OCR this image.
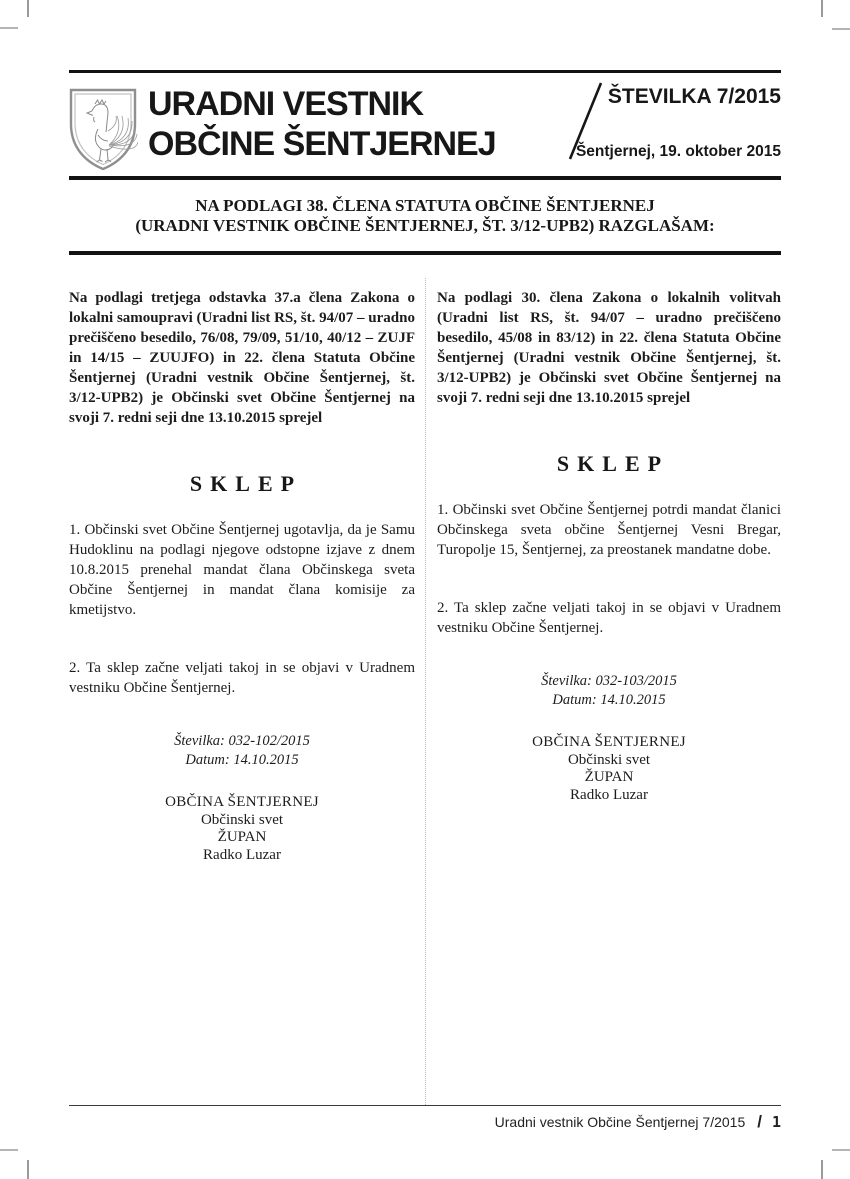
URADNI VESTNIK
OBČINE ŠENTJERNEJ
ŠTEVILKA 7/2015
Šentjernej, 19. oktober 2015
NA PODLAGI 38. ČLENA STATUTA OBČINE ŠENTJERNEJ
(URADNI VESTNIK OBČINE ŠENTJERNEJ, ŠT. 3/12-UPB2) RAZGLAŠAM:

Na podlagi tretjega odstavka 37.a člena Zakona o lokalni samoupravi (Uradni list RS, št. 94/07 – uradno prečiščeno besedilo, 76/08, 79/09, 51/10, 40/12 – ZUJF in 14/15 – ZUUJFO) in 22. člena Statuta Občine Šentjernej (Uradni vestnik Občine Šentjernej, št. 3/12-UPB2) je Občinski svet Občine Šentjernej na svoji 7. redni seji dne 13.10.2015 sprejel

SKLEP

1. Občinski svet Občine Šentjernej ugotavlja, da je Samu Hudoklinu na podlagi njegove odstopne izjave z dnem 10.8.2015 prenehal mandat člana Občinskega sveta Občine Šentjernej in mandat člana komisije za kmetijstvo.

2. Ta sklep začne veljati takoj in se objavi v Uradnem vestniku Občine Šentjernej.

Številka: 032-102/2015
Datum: 14.10.2015
OBČINA ŠENTJERNEJ
Občinski svet
ŽUPAN
Radko Luzar

Na podlagi 30. člena Zakona o lokalnih volitvah (Uradni list RS, št. 94/07 – uradno prečiščeno besedilo, 45/08 in 83/12) in 22. člena Statuta Občine Šentjernej (Uradni vestnik Občine Šentjernej, št. 3/12-UPB2) je Občinski svet Občine Šentjernej na svoji 7. redni seji dne 13.10.2015 sprejel

SKLEP

1. Občinski svet Občine Šentjernej potrdi mandat članici Občinskega sveta občine Šentjernej Vesni Bregar, Turopolje 15, Šentjernej, za preostanek mandatne dobe.

2. Ta sklep začne veljati takoj in se objavi v Uradnem vestniku Občine Šentjernej.

Številka: 032-103/2015
Datum: 14.10.2015
OBČINA ŠENTJERNEJ
Občinski svet
ŽUPAN
Radko Luzar
Uradni vestnik Občine Šentjernej 7/2015 / 1
